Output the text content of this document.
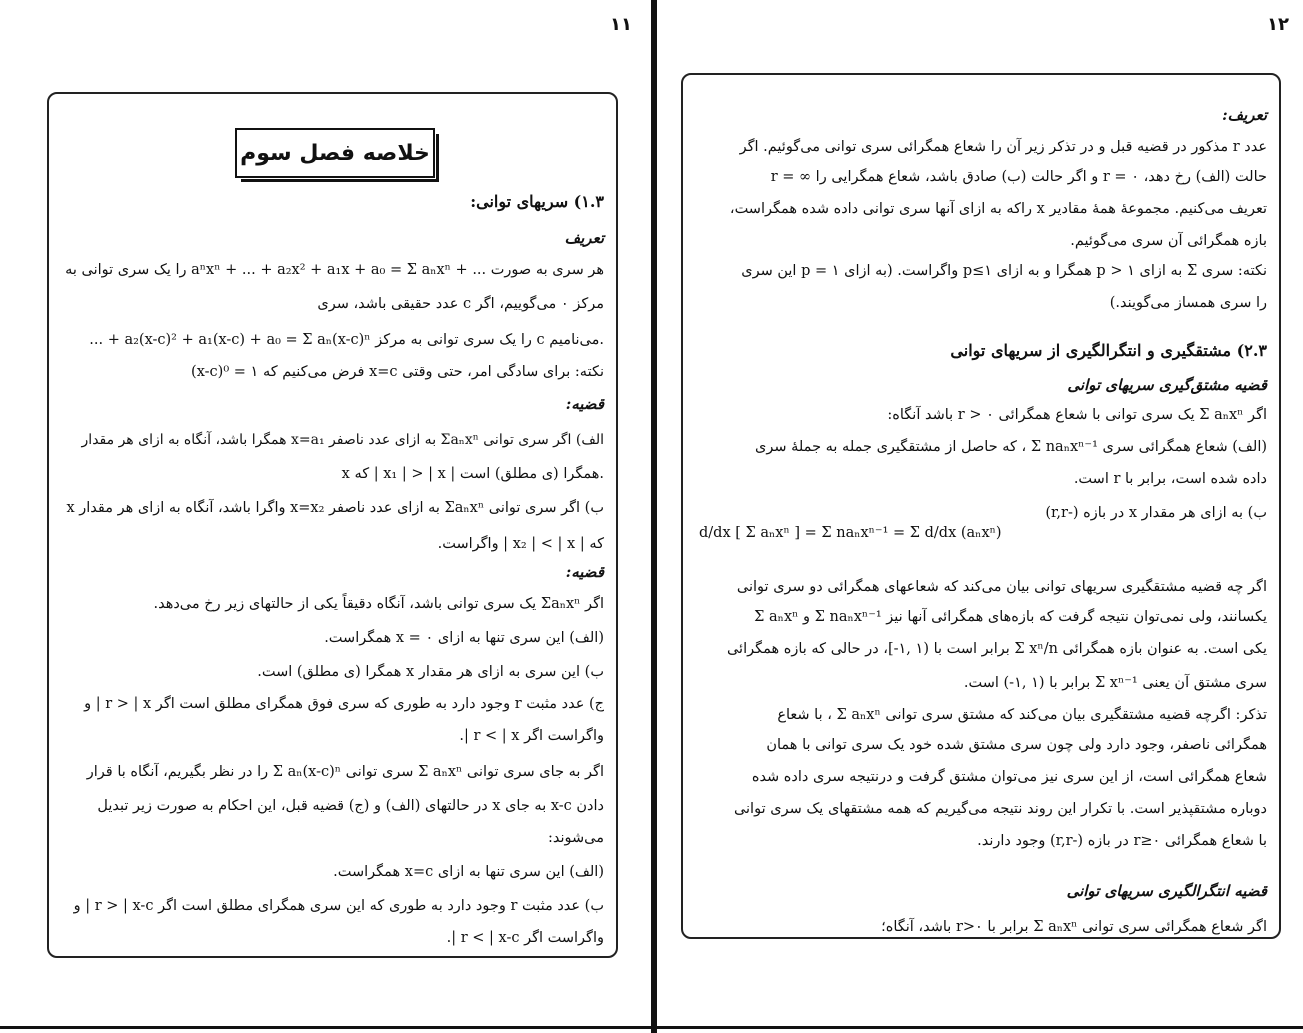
۱۱
خلاصه فصل سوم
۱.۳) سریهای توانی:
تعریف
هر سری به صورت ... + aⁿxⁿ + ... + a₂x² + a₁x + a₀ = Σ aₙxⁿ را یک سری توانی به
مرکز ۰ می‌گوییم، اگر c عدد حقیقی باشد، سری
... + a₂(x-c)² + a₁(x-c) + a₀ = Σ aₙ(x-c)ⁿ را یک سری توانی به مرکز c می‌نامیم.
نکته: برای سادگی امر، حتی وقتی x=c فرض می‌کنیم که ۱ = ⁰(x-c)
قضیه:
الف) اگر سری توانی Σaₙxⁿ به ازای عدد ناصفر x=a₁ همگرا باشد، آنگاه به ازای هر مقدار
x که | x₁ | > | x | همگرا (ی مطلق) است.
ب) اگر سری توانی Σaₙxⁿ به ازای عدد ناصفر x=x₂ واگرا باشد، آنگاه به ازای هر مقدار x
که | x₂ | < | x | واگراست.
قضیه:
اگر Σaₙxⁿ یک سری توانی باشد، آنگاه دقیقاً یکی از حالتهای زیر رخ می‌دهد.
(الف) این سری تنها به ازای ۰ = x همگراست.
ب) این سری به ازای هر مقدار x همگرا (ی مطلق) است.
ج) عدد مثبت r وجود دارد به طوری که سری فوق همگرای مطلق است اگر r > | x | و
واگراست اگر r < | x |.
اگر به جای سری توانی Σ aₙxⁿ سری توانی Σ aₙ(x-c)ⁿ را در نظر بگیریم، آنگاه با قرار
دادن x-c به جای x در حالتهای (الف) و (ج) قضیه قبل، این احکام به صورت زیر تبدیل
می‌شوند:
(الف) این سری تنها به ازای x=c همگراست.
ب) عدد مثبت r وجود دارد به طوری که این سری همگرای مطلق است اگر r > | x-c | و
واگراست اگر r < | x-c |.
۱۲
تعریف:
عدد r مذکور در قضیه قبل و در تذکر زیر آن را شعاع همگرائی سری توانی می‌گوئیم. اگر
حالت (الف) رخ دهد، ۰ = r و اگر حالت (ب) صادق باشد، شعاع همگرایی را ∞ = r
تعریف می‌کنیم. مجموعهٔ همهٔ مقادیر x راکه به ازای آنها سری توانی داده شده همگراست،
بازه همگرائی آن سری می‌گوئیم.
نکته: سری Σ به ازای ۱ < p همگرا و به ازای ۱≥p واگراست. (به ازای ۱ = p این سری
را سری همساز می‌گویند.)
۲.۳) مشتقگیری و انتگرالگیری از سریهای توانی
قضیه مشتق‌گیری سریهای توانی
اگر Σ aₙxⁿ یک سری توانی با شعاع همگرائی ۰ < r باشد آنگاه:
(الف) شعاع همگرائی سری Σ naₙxⁿ⁻¹ ، که حاصل از مشتقگیری جمله به جملهٔ سری
داده شده است، برابر با r است.
ب) به ازای هر مقدار x در بازه (-r,r)
اگر چه قضیه مشتقگیری سریهای توانی بیان می‌کند که شعاعهای همگرائی دو سری توانی
Σ aₙxⁿ و Σ naₙxⁿ⁻¹ یکسانند، ولی نمی‌توان نتیجه گرفت که بازه‌های همگرائی آنها نیز
یکی است. به عنوان بازه همگرائی Σ xⁿ/n برابر است با (۱ ,۱-]، در حالی که بازه همگرائی
سری مشتق آن یعنی Σ xⁿ⁻¹ برابر با (۱ ,۱-) است.
تذکر: اگرچه قضیه مشتقگیری بیان می‌کند که مشتق سری توانی Σ aₙxⁿ ، با شعاع
همگرائی ناصفر، وجود دارد ولی چون سری مشتق شده خود یک سری توانی با همان
شعاع همگرائی است، از این سری نیز می‌توان مشتق گرفت و درنتیجه سری داده شده
دوباره مشتقپذیر است. با تکرار این روند نتیجه می‌گیریم که همه مشتقهای یک سری توانی
با شعاع همگرائی r≥۰ در بازه (-r,r) وجود دارند.
قضیه انتگرالگیری سریهای توانی
اگر شعاع همگرائی سری توانی Σ aₙxⁿ برابر با r>۰ باشد، آنگاه؛
d/dx [ Σ aₙxⁿ ] = Σ naₙxⁿ⁻¹ = Σ d/dx (aₙxⁿ)
